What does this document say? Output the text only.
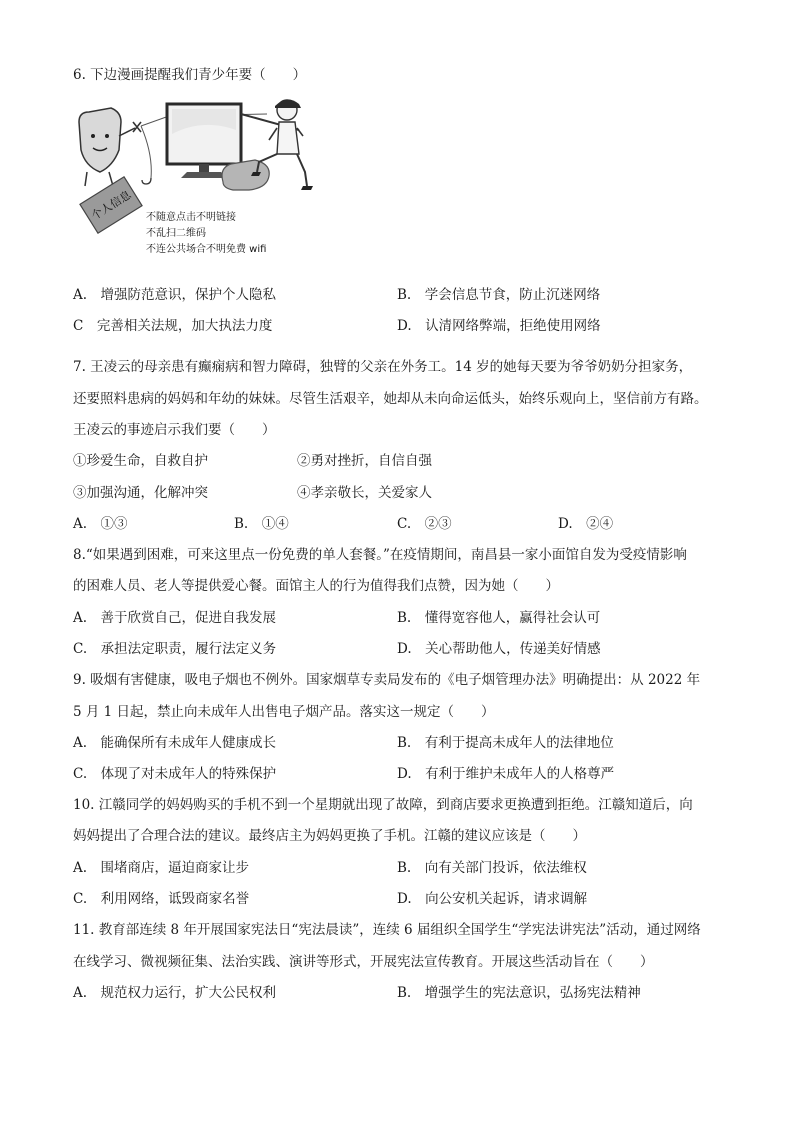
6. 下边漫画提醒我们青少年要（　　）
个人信息 不随意点击不明链接
不乱扫二维码
不连公共场合不明免费 wifi
A.　增强防范意识，保护个人隐私	B.　学会信息节食，防止沉迷网络
C　完善相关法规，加大执法力度	D.　认清网络弊端，拒绝使用网络
7. 王凌云的母亲患有癫痫病和智力障碍，独臂的父亲在外务工。14 岁的她每天要为爷爷奶奶分担家务，
还要照料患病的妈妈和年幼的妹妹。尽管生活艰辛，她却从未向命运低头，始终乐观向上，坚信前方有路。
王凌云的事迹启示我们要（　　）
①珍爱生命，自救自护	②勇对挫折，自信自强
③加强沟通，化解冲突	④孝亲敬长，关爱家人
A.　①③	B.　①④	C.　②③	D.　②④
8.“如果遇到困难，可来这里点一份免费的单人套餐。”在疫情期间，南昌县一家小面馆自发为受疫情影响
的困难人员、老人等提供爱心餐。面馆主人的行为值得我们点赞，因为她（　　）
A.　善于欣赏自己，促进自我发展	B.　懂得宽容他人，赢得社会认可
C.　承担法定职责，履行法定义务	D.　关心帮助他人，传递美好情感
9. 吸烟有害健康，吸电子烟也不例外。国家烟草专卖局发布的《电子烟管理办法》明确提出：从 2022 年
5 月 1 日起，禁止向未成年人出售电子烟产品。落实这一规定（　　）
A.　能确保所有未成年人健康成长	B.　有利于提高未成年人的法律地位
C.　体现了对未成年人的特殊保护	D.　有利于维护未成年人的人格尊严
10. 江赣同学的妈妈购买的手机不到一个星期就出现了故障，到商店要求更换遭到拒绝。江赣知道后，向
妈妈提出了合理合法的建议。最终店主为妈妈更换了手机。江赣的建议应该是（　　）
A.　围堵商店，逼迫商家让步	B.　向有关部门投诉，依法维权
C.　利用网络，诋毁商家名誉	D.　向公安机关起诉，请求调解
11. 教育部连续 8 年开展国家宪法日“宪法晨读”，连续 6 届组织全国学生“学宪法讲宪法”活动，通过网络
在线学习、微视频征集、法治实践、演讲等形式，开展宪法宣传教育。开展这些活动旨在（　　）
A.　规范权力运行，扩大公民权利	B.　增强学生的宪法意识，弘扬宪法精神
